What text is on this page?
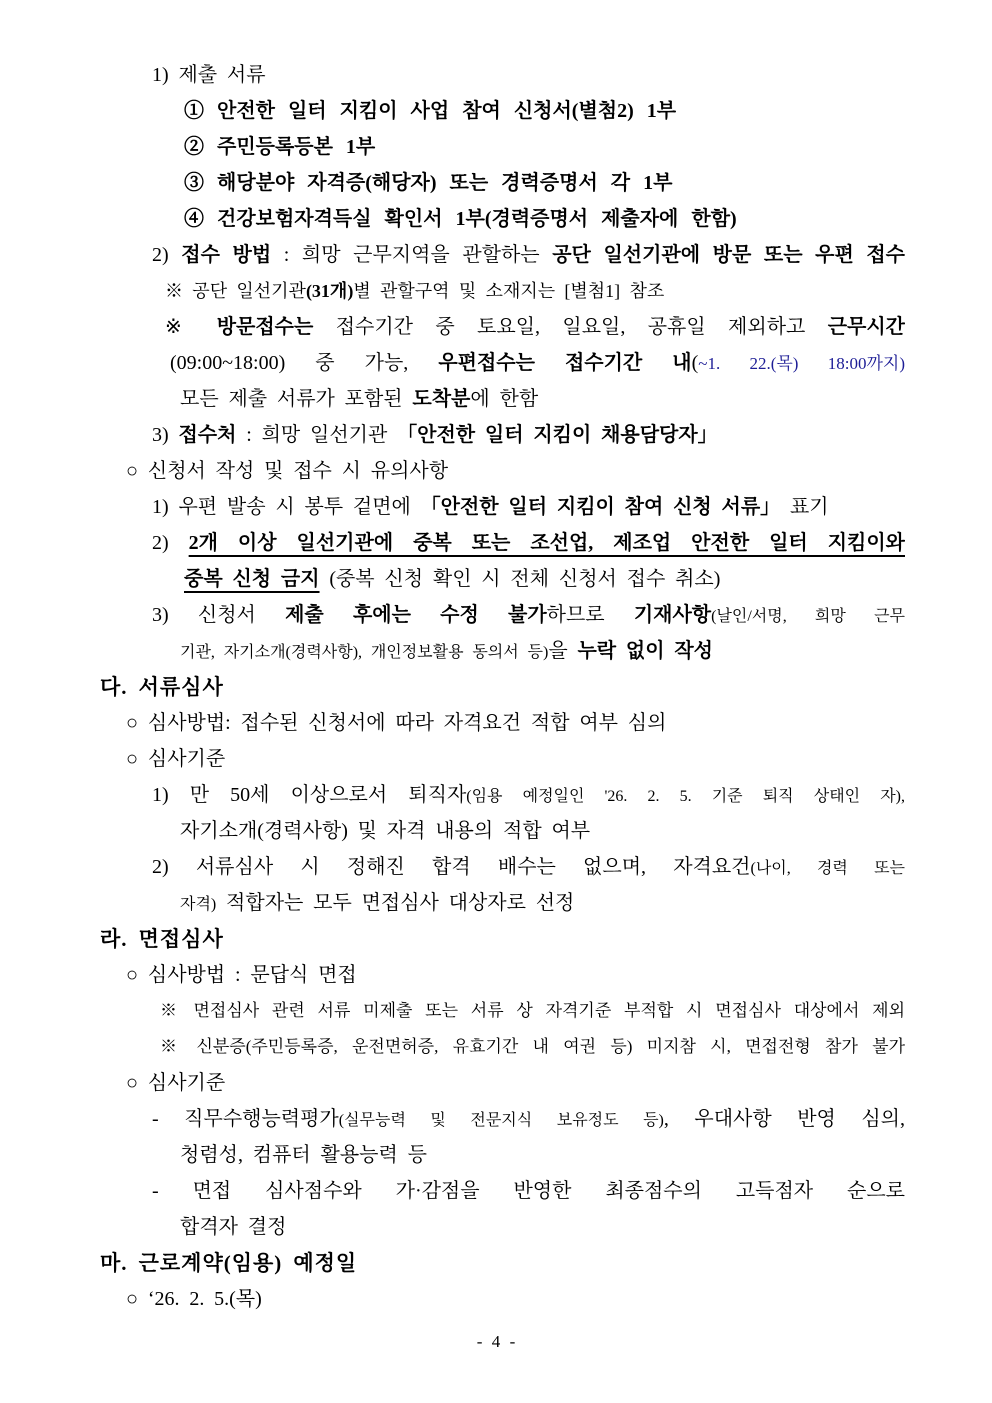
1) 제출 서류
① 안전한 일터 지킴이 사업 참여 신청서(별첨2) 1부
② 주민등록등본 1부
③ 해당분야 자격증(해당자) 또는 경력증명서 각 1부
④ 건강보험자격득실 확인서 1부(경력증명서 제출자에 한함)
2) 접수 방법 : 희망 근무지역을 관할하는 공단 일선기관에 방문 또는 우편 접수
※ 공단 일선기관(31개)별 관할구역 및 소재지는 [별첨1] 참조
※ 방문접수는 접수기간 중 토요일, 일요일, 공휴일 제외하고 근무시간
(09:00~18:00) 중 가능, 우편접수는 접수기간 내(~1. 22.(목) 18:00까지)
모든 제출 서류가 포함된 도착분에 한함
3) 접수처 : 희망 일선기관 「안전한 일터 지킴이 채용담당자」
○ 신청서 작성 및 접수 시 유의사항
1) 우편 발송 시 봉투 겉면에 「안전한 일터 지킴이 참여 신청 서류」 표기
2) 2개 이상 일선기관에 중복 또는 조선업, 제조업 안전한 일터 지킴이와
중복 신청 금지 (중복 신청 확인 시 전체 신청서 접수 취소)
3) 신청서 제출 후에는 수정 불가하므로 기재사항(날인/서명, 희망 근무
기관, 자기소개(경력사항), 개인정보활용 동의서 등)을 누락 없이 작성
다. 서류심사
○ 심사방법: 접수된 신청서에 따라 자격요건 적합 여부 심의
○ 심사기준
1) 만 50세 이상으로서 퇴직자(임용 예정일인 '26. 2. 5. 기준 퇴직 상태인 자),
자기소개(경력사항) 및 자격 내용의 적합 여부
2) 서류심사 시 정해진 합격 배수는 없으며, 자격요건(나이, 경력 또는
자격) 적합자는 모두 면접심사 대상자로 선정
라. 면접심사
○ 심사방법 : 문답식 면접
※ 면접심사 관련 서류 미제출 또는 서류 상 자격기준 부적합 시 면접심사 대상에서 제외
※ 신분증(주민등록증, 운전면허증, 유효기간 내 여권 등) 미지참 시, 면접전형 참가 불가
○ 심사기준
- 직무수행능력평가(실무능력 및 전문지식 보유정도 등), 우대사항 반영 심의,
청렴성, 컴퓨터 활용능력 등
- 면접 심사점수와 가·감점을 반영한 최종점수의 고득점자 순으로
합격자 결정
마. 근로계약(임용) 예정일
○ ‘26. 2. 5.(목)
- 4 -
